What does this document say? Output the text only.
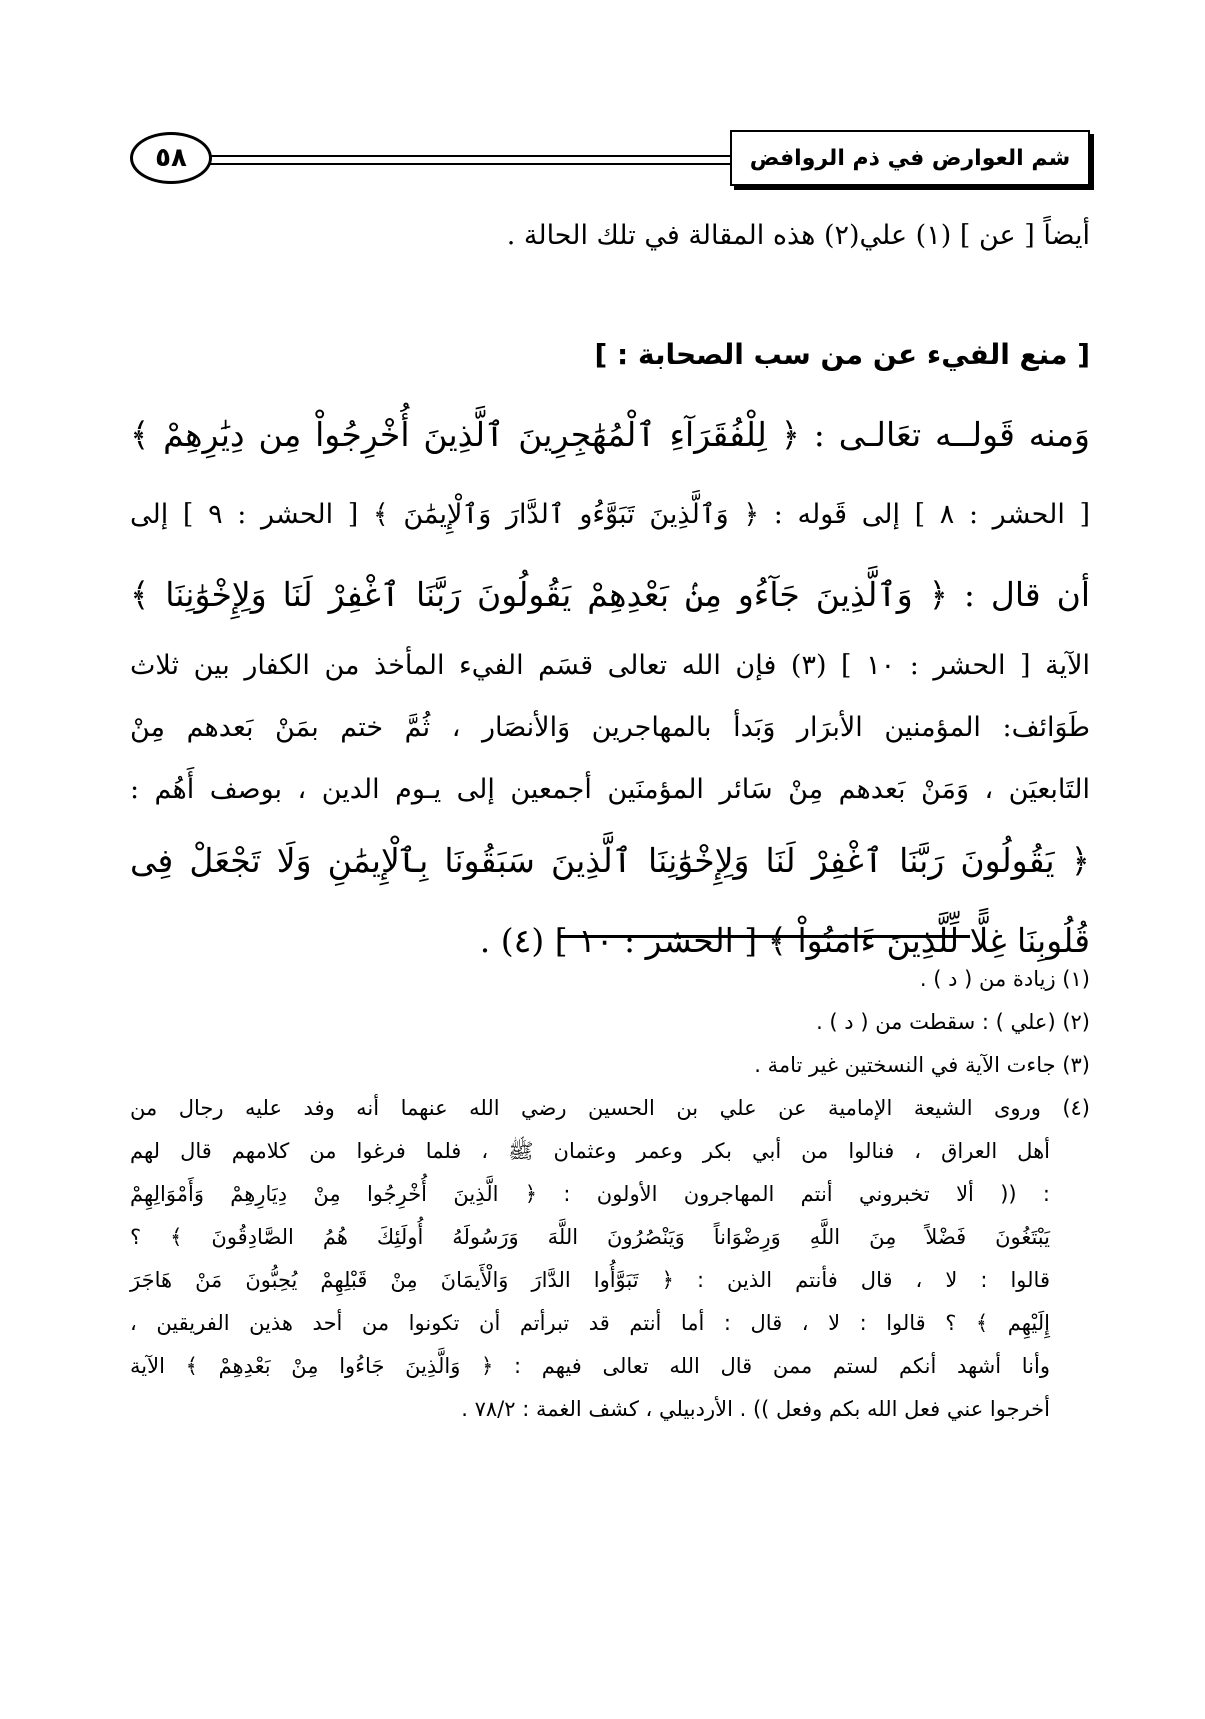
٥٨	شم العوارض في ذم الروافض
أيضاً [ عن ] (١) علي(٢) هذه المقالة في تلك الحالة .
[ منع الفيء عن من سب الصحابة : ]
وَمنه قَولــه تعَالـى : ﴿ لِلْفُقَرَآءِ ٱلْمُهَٰجِرِينَ ٱلَّذِينَ أُخْرِجُواْ مِن دِيَٰرِهِمْ ﴾
[ الحشر : ٨ ] إلى قَوله : ﴿ وَٱلَّذِينَ تَبَوَّءُو ٱلدَّارَ وَٱلْإِيمَٰنَ ﴾ [ الحشر : ٩ ] إلى
أن قال : ﴿ وَٱلَّذِينَ جَآءُو مِنۢ بَعْدِهِمْ يَقُولُونَ رَبَّنَا ٱغْفِرْ لَنَا وَلِإِخْوَٰنِنَا ﴾
الآية [ الحشر : ١٠ ] (٣) فإن الله تعالى قسَم الفيء المأخذ من الكفار بين ثلاث
طَوَائف: المؤمنين الأبرَار وَبَدأ بالمهاجرين وَالأنصَار ، ثُمَّ ختم بمَنْ بَعدهم مِنْ
التَابعيَن ، وَمَنْ بَعدهم مِنْ سَائر المؤمنَين أجمعين إلى يـوم الدين ، بوصف أَهُم :
﴿ يَقُولُونَ رَبَّنَا ٱغْفِرْ لَنَا وَلِإِخْوَٰنِنَا ٱلَّذِينَ سَبَقُونَا بِٱلْإِيمَٰنِ وَلَا تَجْعَلْ فِى
قُلُوبِنَا غِلًّا لِّلَّذِينَ ءَامَنُواْ ﴾ [ الحشر : ١٠ ] (٤) .
(١) زيادة من ( د ) .
(٢) (علي ) : سقطت من ( د ) .
(٣) جاءت الآية في النسختين غير تامة .
(٤) وروى الشيعة الإمامية عن علي بن الحسين رضي الله عنهما أنه وفد عليه رجال من
أهل العراق ، فنالوا من أبي بكر وعمر وعثمان ﷺ ، فلما فرغوا من كلامهم قال لهم
: (( ألا تخبروني أنتم المهاجرون الأولون : ﴿ الَّذِينَ أُخْرِجُوا مِنْ دِيَارِهِمْ وَأَمْوَالِهِمْ
يَبْتَغُونَ فَضْلاً مِنَ اللَّهِ وَرِضْوَاناً وَيَنْصُرُونَ اللَّهَ وَرَسُولَهُ أُولَئِكَ هُمُ الصَّادِقُونَ ﴾ ؟
قالوا : لا ، قال فأنتم الذين : ﴿ تَبَوَّأُوا الدَّارَ وَالْأَيمَانَ مِنْ قَبْلِهِمْ يُحِبُّونَ مَنْ هَاجَرَ
إِلَيْهِم ﴾ ؟ قالوا : لا ، قال : أما أنتم قد تبرأتم أن تكونوا من أحد هذين الفريقين ،
وأنا أشهد أنكم لستم ممن قال الله تعالى فيهم : ﴿ وَالَّذِينَ جَاءُوا مِنْ بَعْدِهِمْ ﴾ الآية
أخرجوا عني فعل الله بكم وفعل )) . الأردبيلي ، كشف الغمة : ٧٨/٢ .
